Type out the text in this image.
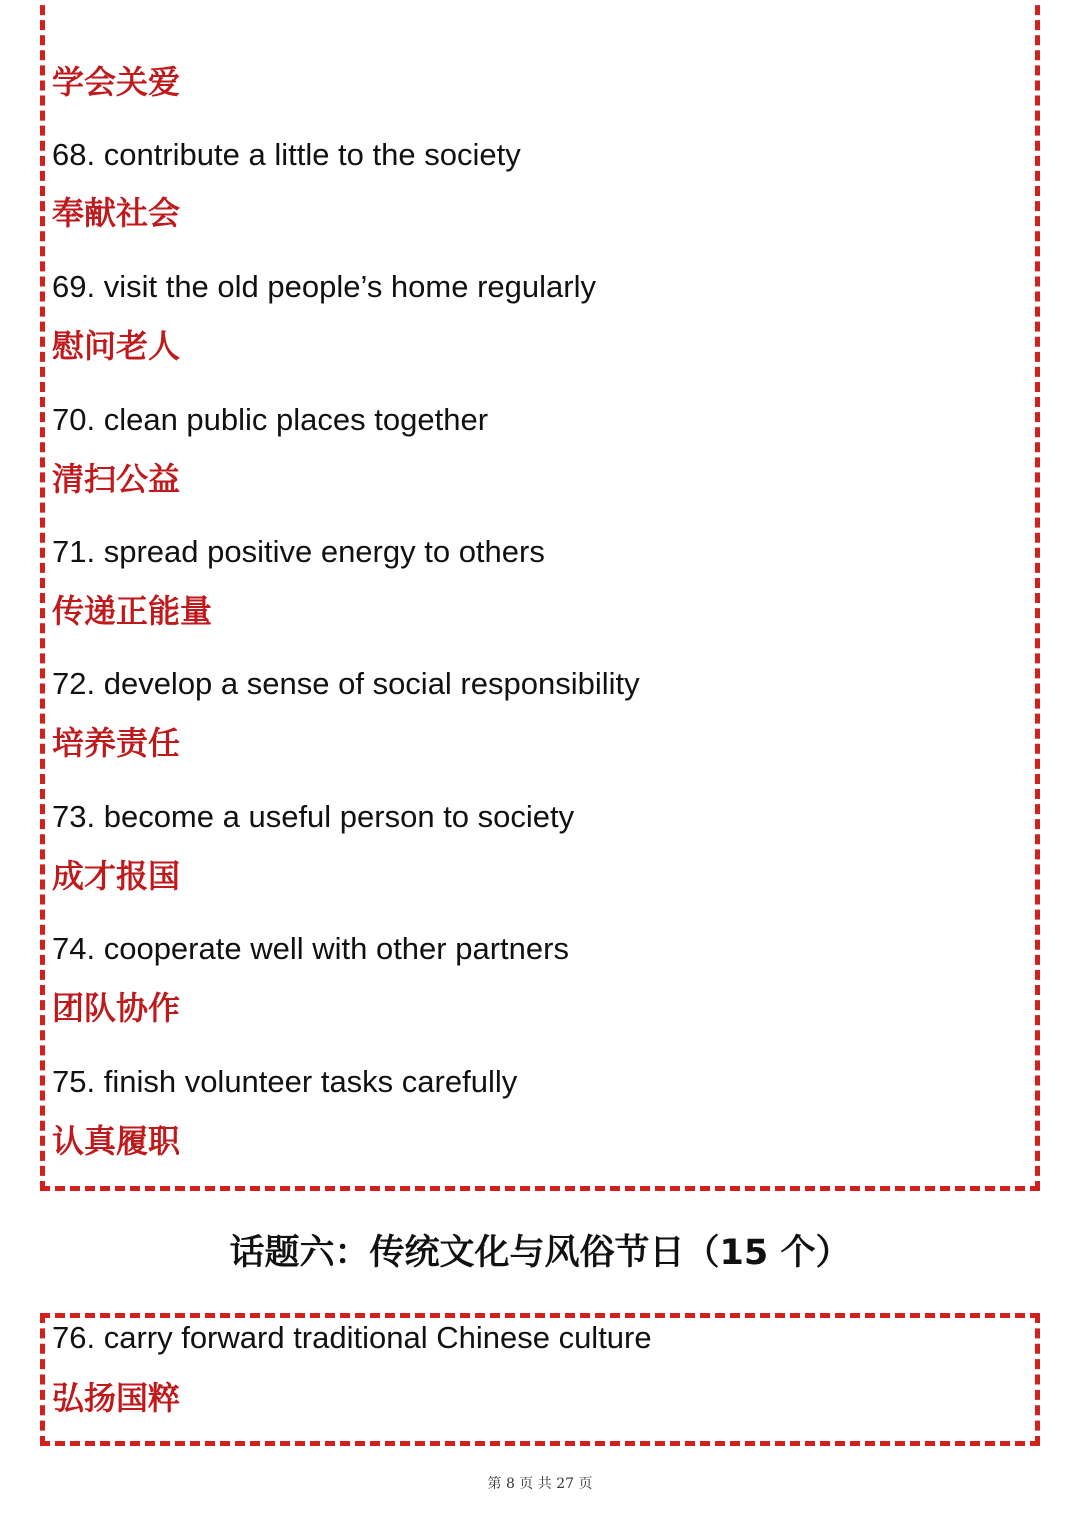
学会关爱
68. contribute a little to the society
奉献社会
69. visit the old people’s home regularly
慰问老人
70. clean public places together
清扫公益
71. spread positive energy to others
传递正能量
72. develop a sense of social responsibility
培养责任
73. become a useful person to society
成才报国
74. cooperate well with other partners
团队协作
75. finish volunteer tasks carefully
认真履职
话题六：传统文化与风俗节日（15 个）
76. carry forward traditional Chinese culture
弘扬国粹
第 8 页 共 27 页
